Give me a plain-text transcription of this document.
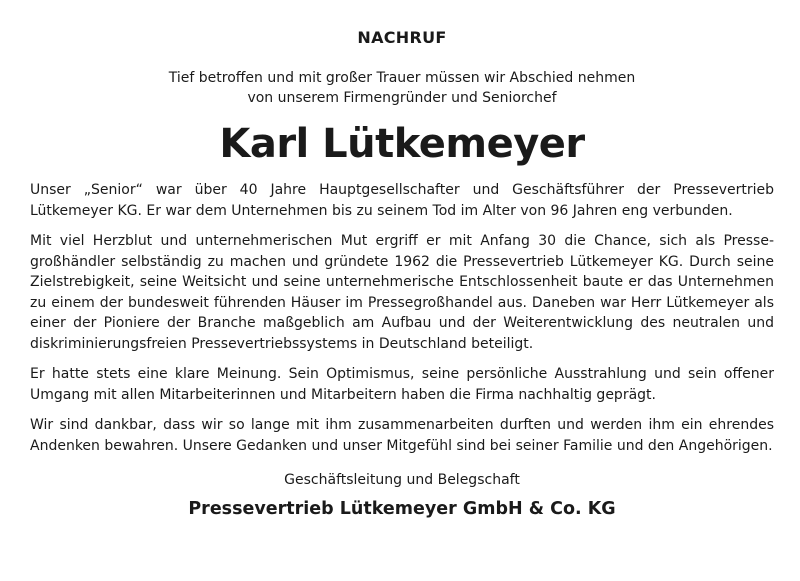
NACHRUF

Tief betroffen und mit großer Trauer müssen wir Abschied nehmen

von unserem Firmengründer und Seniorchef

Karl Lütkemeyer

Unser „Senior“ war über 40 Jahre Hauptgesellschafter und Geschäftsführer der Pressevertrieb Lütkemeyer KG. Er war dem Unternehmen bis zu seinem Tod im Alter von 96 Jahren eng verbunden.

Mit viel Herzblut und unternehmerischen Mut ergriff er mit Anfang 30 die Chance, sich als Pressegroßhändler selbständig zu machen und gründete 1962 die Pressevertrieb Lütkemeyer KG. Durch seine Zielstrebigkeit, seine Weitsicht und seine unternehmerische Entschlossenheit baute er das Unternehmen zu einem der bundesweit führenden Häuser im Pressegroßhandel aus. Daneben war Herr Lütkemeyer als einer der Pioniere der Branche maßgeblich am Aufbau und der Weiterentwicklung des neutralen und diskriminierungsfreien Pressevertriebssystems in Deutschland beteiligt.

Er hatte stets eine klare Meinung. Sein Optimismus, seine persönliche Ausstrahlung und sein offener Umgang mit allen Mitarbeiterinnen und Mitarbeitern haben die Firma nachhaltig geprägt.

Wir sind dankbar, dass wir so lange mit ihm zusammenarbeiten durften und werden ihm ein ehrendes Andenken bewahren. Unsere Gedanken und unser Mitgefühl sind bei seiner Familie und den Angehörigen.

Geschäftsleitung und Belegschaft

Pressevertrieb Lütkemeyer GmbH & Co. KG
